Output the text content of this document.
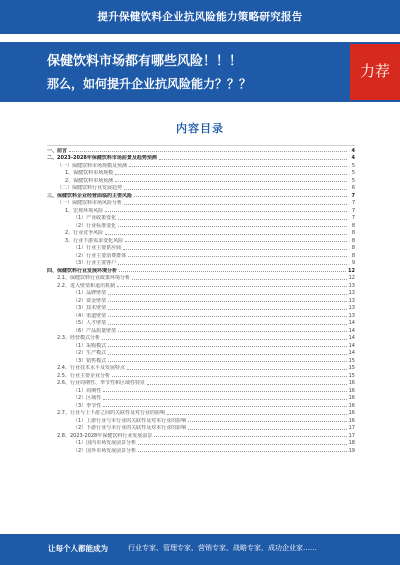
提升保健饮料企业抗风险能力策略研究报告
保健饮料市场都有哪些风险！！！
那么，如何提升企业抗风险能力？？？
力荐
内容目录
一、前言	4
二、2023-2028年保健饮料市场前景及趋势预测	4
（一）保健饮料市场规模及预测	5
1、保健饮料市场规模	5
2、保健饮料市场预测	5
（二）保健饮料行业发展趋势	6
三、保健饮料企业经营面临的主要风险	7
（一）保健饮料市场风险分析	7
1、宏观环境风险	7
（1）产业政策变化	7
（2）行业标准变化	8
2、行业竞争风险	8
3、行业下游需求变化风险	8
（1）行业主要供应商	8
（2）行业主要消费群体	8
（3）行业主要客户	9
四、保健饮料行业发展环境分析	12
2.1、保健饮料行业政策环境分析	12
2.2、进入壁垒和退出机制	13
（1）品牌壁垒	13
（2）资金壁垒	13
（3）技术壁垒	13
（4）渠道壁垒	13
（5）人才壁垒	14
（6）产品质量壁垒	14
2.3、经营模式分析	14
（1）采购模式	14
（2）生产模式	14
（3）销售模式	15
2.4、行业技术水平及发展特点	15
2.5、行业主要企业分析	15
2.6、行业周期性、季节性和区域性特征	16
（1）周期性	16
（2）区域性	16
（3）季节性	16
2.7、行业与上下游之间的关联性及对行业的影响	16
（1）上游行业与本行业的关联性及对本行业的影响	16
（2）下游行业与本行业的关联性及对本行业的影响	17
2.8、2023-2028年保健饮料行业发展前景	17
（1）国内市场发展前景分析	18
（2）国外市场发展前景分析	19
让每个人都能成为	行业专家、管理专家、营销专家、战略专家、成功企业家……
